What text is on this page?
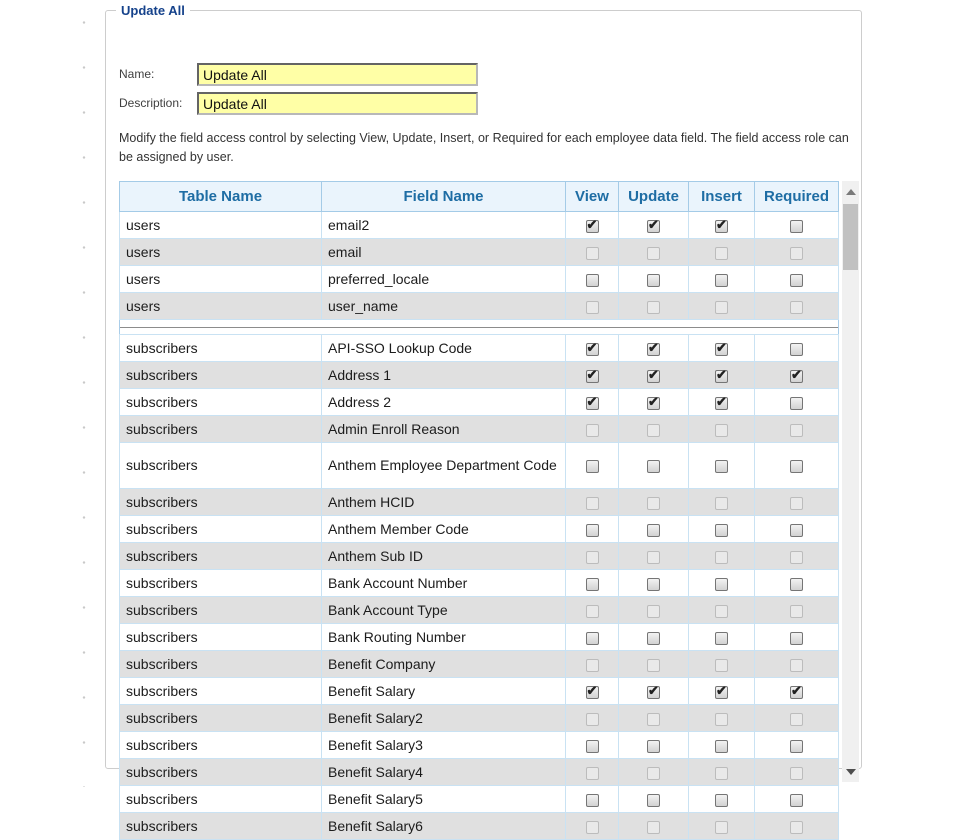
Update All
Name:
Update All
Description:
Update All

Modify the field access control by selecting View, Update, Insert, or Required for each employee data field. The field access role can be assigned by user.

Table Name	Field Name	View	Update	Insert	Required
users	email2	✔	✔	✔	
users	email				
users	preferred_locale				
users	user_name				

subscribers	API-SSO Lookup Code	✔	✔	✔	
subscribers	Address 1	✔	✔	✔	✔
subscribers	Address 2	✔	✔	✔	
subscribers	Admin Enroll Reason				
subscribers	Anthem Employee Department Code				
subscribers	Anthem HCID				
subscribers	Anthem Member Code				
subscribers	Anthem Sub ID				
subscribers	Bank Account Number				
subscribers	Bank Account Type				
subscribers	Bank Routing Number				
subscribers	Benefit Company				
subscribers	Benefit Salary	✔	✔	✔	✔
subscribers	Benefit Salary2				
subscribers	Benefit Salary3				
subscribers	Benefit Salary4				
subscribers	Benefit Salary5				
subscribers	Benefit Salary6				
